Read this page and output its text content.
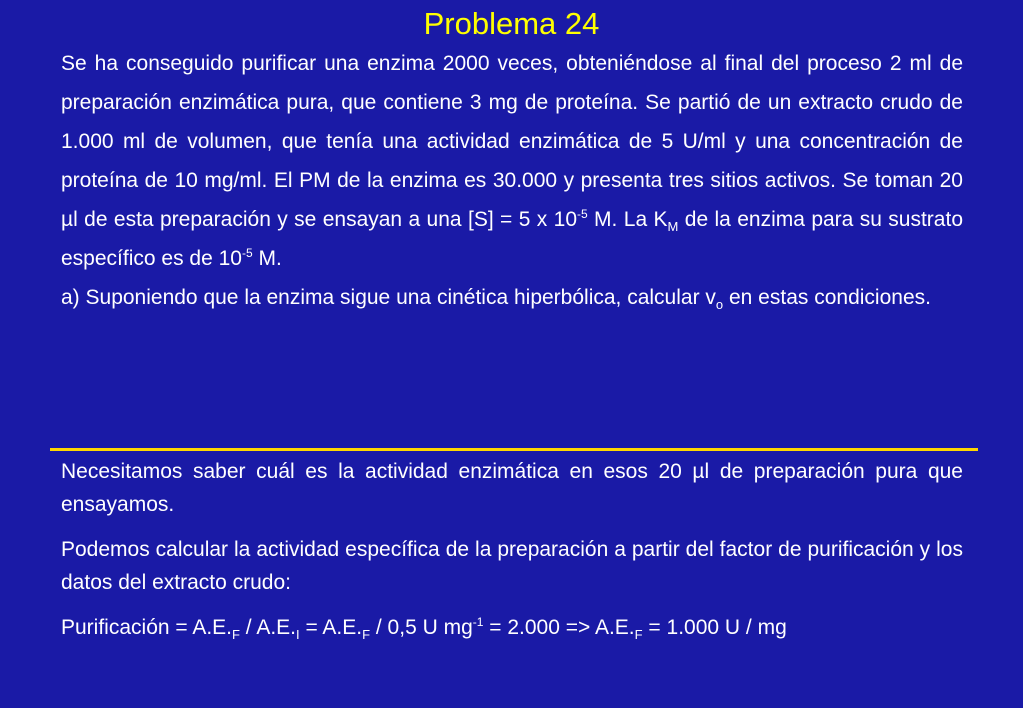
Problema 24

Se ha conseguido purificar una enzima 2000 veces, obteniéndose al final del proceso 2 ml de preparación enzimática pura, que contiene 3 mg de proteína. Se partió de un extracto crudo de 1.000 ml de volumen, que tenía una actividad enzimática de 5 U/ml y una concentración de proteína de 10 mg/ml. El PM de la enzima es 30.000 y presenta tres sitios activos. Se toman 20 µl de esta preparación y se ensayan a una [S] = 5 x $10^{-5}$ M. La $K_M$ de la enzima para su sustrato específico es de $10^{-5}$ M.

a) Suponiendo que la enzima sigue una cinética hiperbólica, calcular $v_o$ en estas condiciones.

Necesitamos saber cuál es la actividad enzimática en esos 20 µl de preparación pura que ensayamos.

Podemos calcular la actividad específica de la preparación a partir del factor de purificación y los datos del extracto crudo:

Purificación = $A.E._F / A.E._I = A.E._F / 0,5$ U $mg^{-1} = 2.000 => A.E._F = 1.000$ U / mg
